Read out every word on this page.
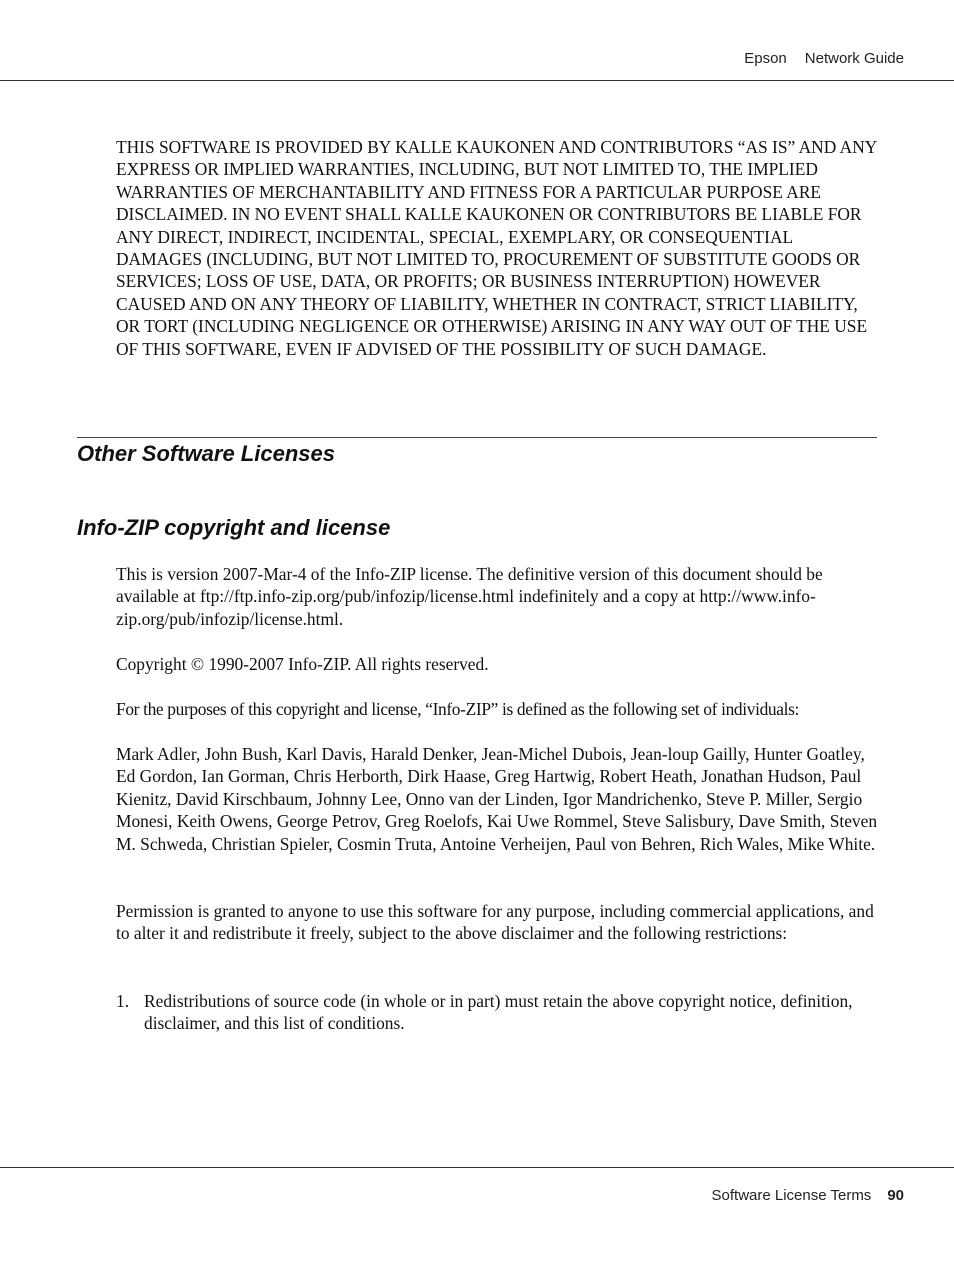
Epson Network Guide

THIS SOFTWARE IS PROVIDED BY KALLE KAUKONEN AND CONTRIBUTORS “AS IS” AND ANY EXPRESS OR IMPLIED WARRANTIES, INCLUDING, BUT NOT LIMITED TO, THE IMPLIED WARRANTIES OF MERCHANTABILITY AND FITNESS FOR A PARTICULAR PURPOSE ARE DISCLAIMED. IN NO EVENT SHALL KALLE KAUKONEN OR CONTRIBUTORS BE LIABLE FOR ANY DIRECT, INDIRECT, INCIDENTAL, SPECIAL, EXEMPLARY, OR CONSEQUENTIAL DAMAGES (INCLUDING, BUT NOT LIMITED TO, PROCUREMENT OF SUBSTITUTE GOODS OR SERVICES; LOSS OF USE, DATA, OR PROFITS; OR BUSINESS INTERRUPTION) HOWEVER CAUSED AND ON ANY THEORY OF LIABILITY, WHETHER IN CONTRACT, STRICT LIABILITY, OR TORT (INCLUDING NEGLIGENCE OR OTHERWISE) ARISING IN ANY WAY OUT OF THE USE OF THIS SOFTWARE, EVEN IF ADVISED OF THE POSSIBILITY OF SUCH DAMAGE.

Other Software Licenses
Info-ZIP copyright and license

This is version 2007-Mar-4 of the Info-ZIP license. The definitive version of this document should be available at ftp://ftp.info-zip.org/pub/infozip/license.html indefinitely and a copy at http://www.info-zip.org/pub/infozip/license.html.

Copyright © 1990-2007 Info-ZIP. All rights reserved.

For the purposes of this copyright and license, “Info-ZIP” is defined as the following set of individuals:

Mark Adler, John Bush, Karl Davis, Harald Denker, Jean-Michel Dubois, Jean-loup Gailly, Hunter Goatley, Ed Gordon, Ian Gorman, Chris Herborth, Dirk Haase, Greg Hartwig, Robert Heath, Jonathan Hudson, Paul Kienitz, David Kirschbaum, Johnny Lee, Onno van der Linden, Igor Mandrichenko, Steve P. Miller, Sergio Monesi, Keith Owens, George Petrov, Greg Roelofs, Kai Uwe Rommel, Steve Salisbury, Dave Smith, Steven M. Schweda, Christian Spieler, Cosmin Truta, Antoine Verheijen, Paul von Behren, Rich Wales, Mike White.

Permission is granted to anyone to use this software for any purpose, including commercial applications, and to alter it and redistribute it freely, subject to the above disclaimer and the following restrictions:

1. Redistributions of source code (in whole or in part) must retain the above copyright notice, definition, disclaimer, and this list of conditions.
Software License Terms 90
